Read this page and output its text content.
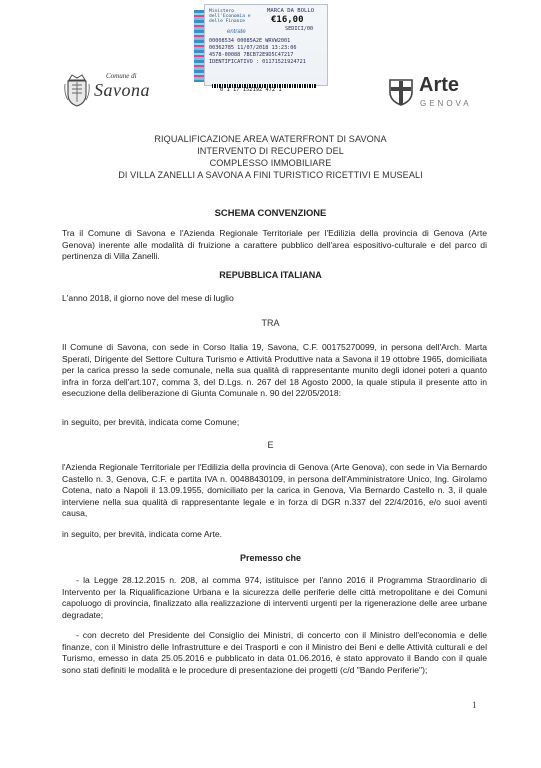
Ministero dell'Economia e delle Finanze
MARCA DA BOLLO
€16,00
SEDICI/00
entrate
00008534 00085A2E WRVW2001
00362785 11/07/2018 13:23:06
4578-00088 7BCB72E9D5C47217
IDENTIFICATIVO : 01171521924721
0 1 17 152192 472 1
Comune di
Savona	Arte
GENOVA
RIQUALIFICAZIONE AREA WATERFRONT DI SAVONA
INTERVENTO DI RECUPERO DEL
COMPLESSO IMMOBILIARE
DI VILLA ZANELLI A SAVONA A FINI TURISTICO RICETTIVI E MUSEALI
SCHEMA CONVENZIONE
Tra il Comune di Savona e l'Azienda Regionale Territoriale per l'Edilizia della provincia di Genova (Arte Genova) inerente alle modalità di fruizione a carattere pubblico dell'area espositivo-culturale e del parco di pertinenza di Villa Zanelli.
REPUBBLICA ITALIANA
L'anno 2018, il giorno nove del mese di luglio
TRA
Il Comune di Savona, con sede in Corso Italia 19, Savona, C.F. 00175270099, in persona dell'Arch. Marta Sperati, Dirigente del Settore Cultura Turismo e Attività Produttive nata a Savona il 19 ottobre 1965, domiciliata per la carica presso la sede comunale, nella sua qualità di rappresentante munito degli idonei poteri a quanto infra in forza dell'art.107, comma 3, del D.Lgs. n. 267 del 18 Agosto 2000, la quale stipula il presente atto in esecuzione della deliberazione di Giunta Comunale n. 90 del 22/05/2018:
in seguito, per brevità, indicata come Comune;
E
l'Azienda Regionale Territoriale per l'Edilizia della provincia di Genova (Arte Genova), con sede in Via Bernardo Castello n. 3, Genova, C.F. e partita IVA n. 00488430109, in persona dell'Amministratore Unico, Ing. Girolamo Cotena, nato a Napoli il 13.09.1955, domiciliato per la carica in Genova, Via Bernardo Castello n. 3, il quale interviene nella sua qualità di rappresentante legale e in forza di DGR n.337 del 22/4/2016, e/o suoi aventi causa,
in seguito, per brevità, indicata come Arte.
Premesso che
- la Legge 28.12.2015 n. 208, al comma 974, istituisce per l'anno 2016 il Programma Straordinario di Intervento per la Riqualificazione Urbana e la sicurezza delle periferie delle città metropolitane e dei Comuni capoluogo di provincia, finalizzato alla realizzazione di interventi urgenti per la rigenerazione delle aree urbane degradate;
- con decreto del Presidente del Consiglio dei Ministri, di concerto con il Ministro dell'economia e delle finanze, con il Ministro delle Infrastrutture e dei Trasporti e con il Ministro dei Beni e delle Attività culturali e del Turismo, emesso in data 25.05.2016 e pubblicato in data 01.06.2016, è stato approvato il Bando con il quale sono stati definiti le modalità e le procedure di presentazione dei progetti (c/d "Bando Periferie");
1
